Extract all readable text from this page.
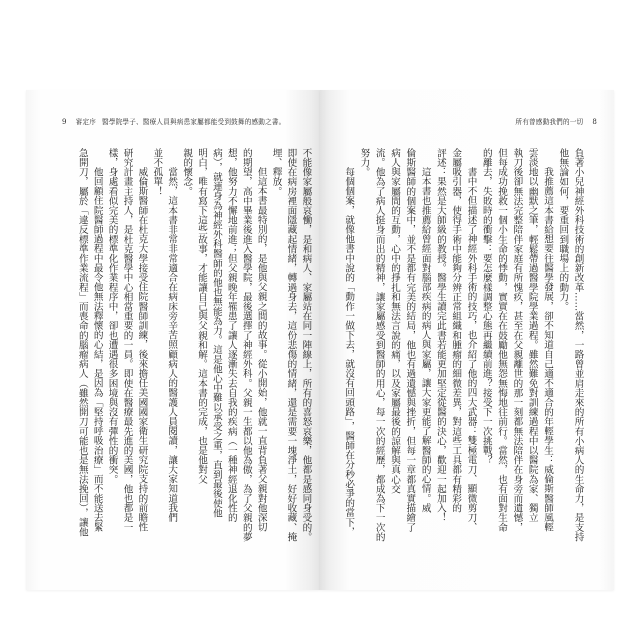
9 審定序 醫學院學子、醫療人員與病患家屬都能受到鼓舞的感動之書。
不能像家屬般哀慟，是和病人、家屬站在同一陣線上，所有的喜怒哀樂，他都是感同身受的。
即使在病房裡面隱藏起情緒，轉過身去，這份悲傷的情緒，還是需要一塊淨土，好好收藏、掩
埋、釋放。
但這本書最特別的，是他與父親之間的故事。從小開始，他就一直背負著父親對他深切
的期望，高中畢業後進入醫學院，最後選擇了神經外科。父親一生都以他為傲，為了父親的夢
想，他努力不懈地前進；但父親晚年罹患了讓人逐漸失去自我的疾病（一種神經退化性的
病），就連身為神經外科醫師的他也無能為力。這是他心中難以承受之重，直到最後使他
明白，唯有寫下這些故事，才能讓自己與父親和解。這本書的完成，也是他對父
親的懷念。
當然，這本書非常非常適合在病床旁辛苦照顧病人的醫護人員閱讀，讓大家知道我們
並不孤單！
威倫斯醫師在杜克大學接受住院醫師訓練，後來擔任美國國家衛生研究院支持的前瞻性
研究計畫主持人，是杜克醫學中心相當重要的一員。即使在醫療最先進的美國，他也都是一
樣，身處看似完美的標準化作業程序中，卻也遭遇很多困境與沒有彈性的衝突。
他回顧住院醫師過程中最令他無法釋懷的心結，是因為「堅持呼吸治療」而不能送去緊
急開刀，屬於「違反標準作業流程」而喪命的腦瘤病人（雖然開刀可能也是無法挽回），讓他
所有曾感動我們的一切 8
負著小兒神經外科技術的創新改革……當然，一路曾並肩走來的所有小病人的生命力，是支持
他無論如何，要重回到職場上的動力。
我推薦這本書給想要往醫學發展，卻不知道自己適不適合的年輕學生：威倫斯醫師風輕
雲淡地以幽默之筆，輕鬆帶過醫學院學業過程。雖然難免對訓練過程中以醫院為家、獨立
執刀後卻無法完整陪伴家庭有所愧疚，甚至在父親離世的那一刻都無法陪伴在身旁而遺憾，
但每成功挽救一個小生命的悸動，實實在在鼓勵他無怨無悔地往前行。當然，也有面對生命
的離去，失敗時的衝擊：要怎麼樣調整心態再繼續前進？接受下一次挑戰？
書中不但描述了神經外科手術的技巧，也介紹了他的四大武器：雙極電刀、顯微剪刀、
金屬吸引器，使得手術中能夠分辨正常組織和腫瘤的細微差異，對這些工具都有精彩的
評述：果然是大師級的教授。醫學生讀完此書若能更加堅定從醫的決心，歡迎一起加入！
這本書也推薦給曾經面對腦部疾病的病人與家屬，讓大家更能了解醫師的心情。威
倫斯醫師的個案中，並不是都有完美的結局，他也有過遺憾與挫折，但每一章都真實描繪了
病人與家屬間的互動，心中的掙扎和無法言說的痛，以及家屬最後的諒解與真心交
流。他為了病人挺身而出的精神，讓家屬感受到醫師的用心，每一次的經歷，都成為下一次的
努力。
每個個案，就像他書中說的「動作一做下去，就沒有回頭路」，醫師在分秒必爭的當下，
